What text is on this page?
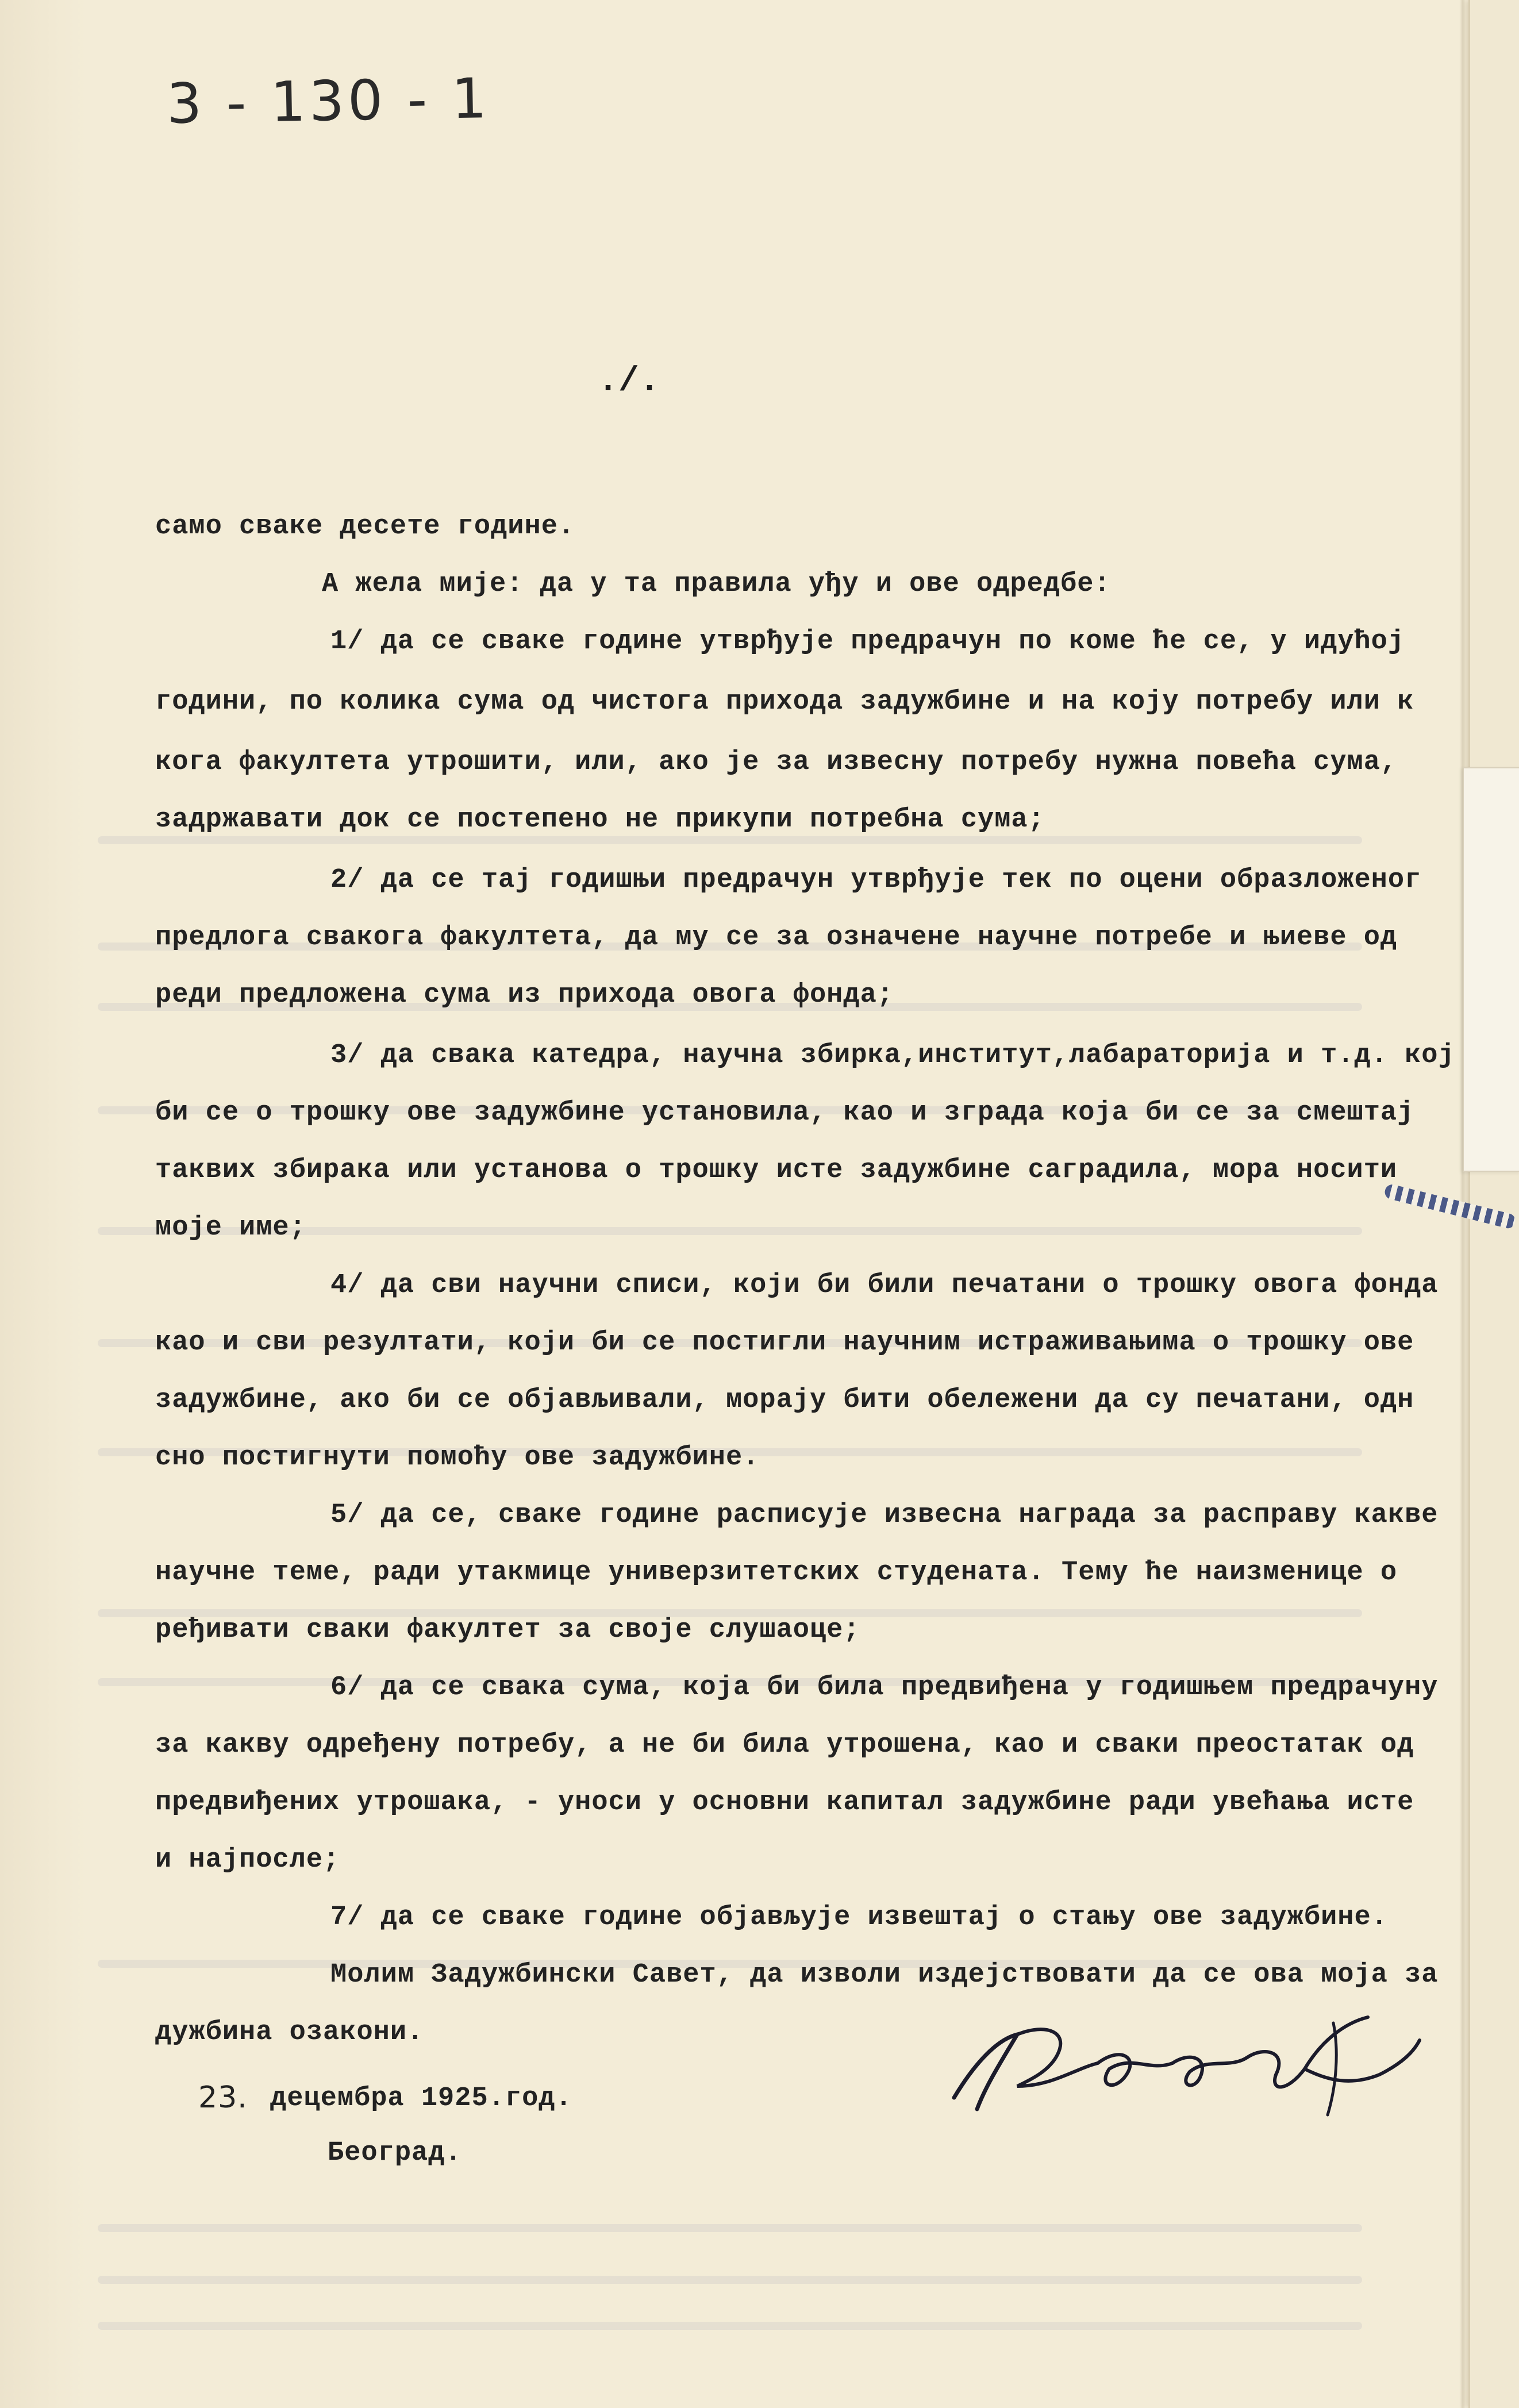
3 - 130 - 1
./.
само сваке десете године.
А жела мије: да у та правила уђу и ове одредбе:
1/ да се сваке године утврђује предрачун по коме ће се, у идућој
години, по колика сума од чистога прихода задужбине и на коју потребу или к
кога факултета утрошити, или, ако је за извесну потребу нужна повећа сума,
задржавати док се постепено не прикупи потребна сума;
2/ да се тај годишњи предрачун утврђује тек по оцени образложеног
предлога свакога факултета, да му се за означене научне потребе и њиеве од
реди предложена сума из прихода овога фонда;
3/ да свака катедра, научна збирка,институт,лабараторија и т.д. кој
би се о трошку ове задужбине установила, као и зграда која би се за смештај
таквих збирака или установа о трошку исте задужбине саградила, мора носити
моје име;
4/ да сви научни списи, који би били печатани о трошку овога фонда
као и сви резултати, који би се постигли научним истраживањима о трошку ове
задужбине, ако би се објављивали, морају бити обележени да су печатани, одн
сно постигнути помоћу ове задужбине.
5/ да се, сваке године расписује извесна награда за расправу какве
научне теме, ради утакмице универзитетских студената. Тему ће наизменице о
ређивати сваки факултет за своје слушаоце;
6/ да се свака сума, која би била предвиђена у годишњем предрачуну
за какву одређену потребу, а не би била утрошена, као и сваки преостатак од
предвиђених утрошака, - уноси у основни капитал задужбине ради увећања исте
и најпосле;
7/ да се сваке године објављује извештај о стању ове задужбине.
Молим Задужбински Савет, да изволи издејствовати да се ова моја за
дужбина озакони.
23. децембра 1925.год.
Београд.
